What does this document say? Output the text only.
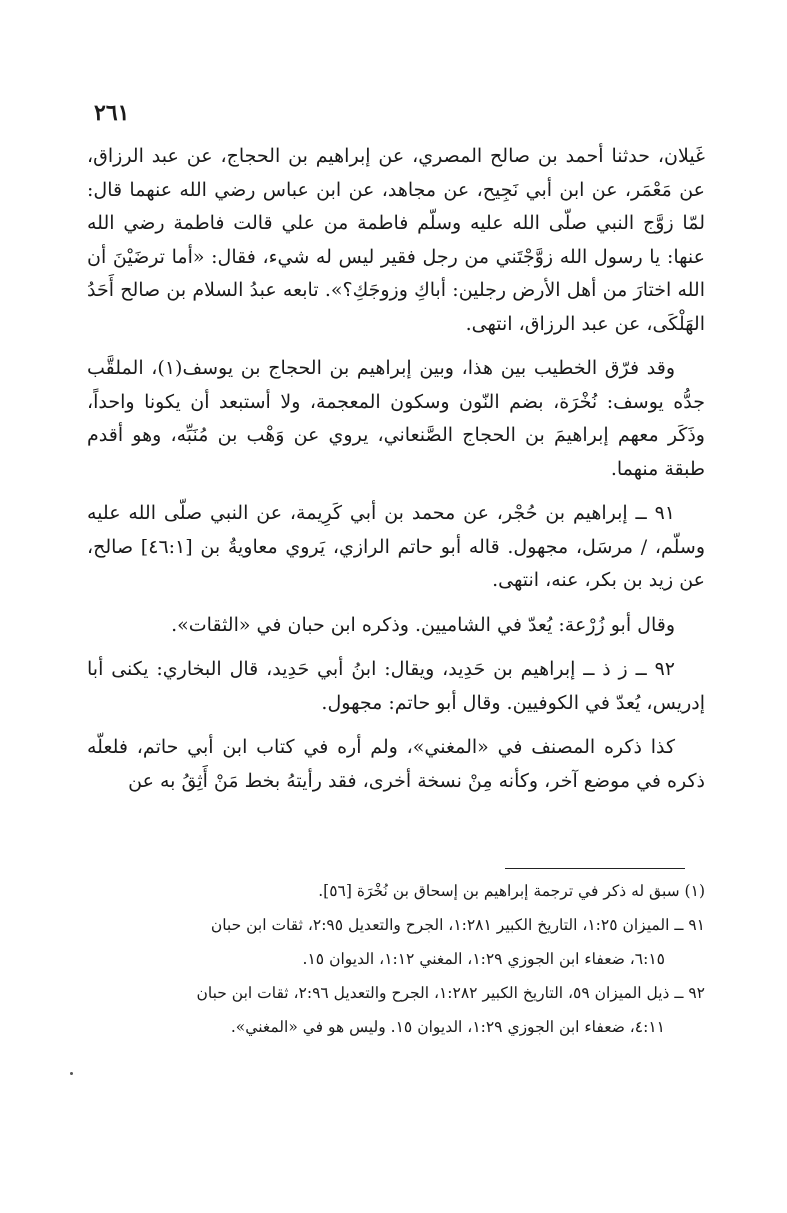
٢٦١

غَيلان، حدثنا أحمد بن صالح المصري، عن إبراهيم بن الحجاج، عن عبد الرزاق، عن مَعْمَر، عن ابن أبي نَجِيح، عن مجاهد، عن ابن عباس رضي الله عنهما قال: لمّا زوَّج النبي صلّى الله عليه وسلّم فاطمة من علي قالت فاطمة رضي الله عنها: يا رسول الله زوَّجْتَني من رجل فقير ليس له شيء، فقال: «أما ترضَيْنَ أن الله اختارَ من أهل الأرض رجلين: أباكِ وزوجَكِ؟». تابعه عبدُ السلام بن صالح أَحَدُ الهَلْكَى، عن عبد الرزاق، انتهى.

وقد فرّق الخطيب بين هذا، وبين إبراهيم بن الحجاج بن يوسف(١)، الملقَّب جدُّه يوسف: نُخْرَة، بضم النّون وسكون المعجمة، ولا أستبعد أن يكونا واحداً، وذَكَر معهم إبراهيمَ بن الحجاج الصَّنعاني، يروي عن وَهْب بن مُنَبِّه، وهو أقدم طبقة منهما.

٩١ ــ إبراهيم بن حُجْر، عن محمد بن أبي كَرِيمة، عن النبي صلّى الله عليه وسلّم، / مرسَل، مجهول. قاله أبو حاتم الرازي، يَروي معاويةُ بن [٤٦:١] صالح، عن زيد بن بكر، عنه، انتهى.

وقال أبو زُرْعة: يُعدّ في الشاميين. وذكره ابن حبان في «الثقات».

٩٢ ــ ز ذ ــ إبراهيم بن حَدِيد، ويقال: ابنُ أبي حَدِيد، قال البخاري: يكنى أبا إدريس، يُعدّ في الكوفيين. وقال أبو حاتم: مجهول.

كذا ذكره المصنف في «المغني»، ولم أره في كتاب ابن أبي حاتم، فلعلّه ذكره في موضع آخر، وكأنه مِنْ نسخة أخرى، فقد رأيتهُ بخط مَنْ أَثِقُ به عن

(١) سبق له ذكر في ترجمة إبراهيم بن إسحاق بن نُخْرَة [٥٦].

٩١ ــ الميزان ١:٢٥، التاريخ الكبير ١:٢٨١، الجرح والتعديل ٢:٩٥، ثقات ابن حبان

٦:١٥، ضعفاء ابن الجوزي ١:٢٩، المغني ١:١٢، الديوان ١٥.

٩٢ ــ ذيل الميزان ٥٩، التاريخ الكبير ١:٢٨٢، الجرح والتعديل ٢:٩٦، ثقات ابن حبان

٤:١١، ضعفاء ابن الجوزي ١:٢٩، الديوان ١٥. وليس هو في «المغني».
